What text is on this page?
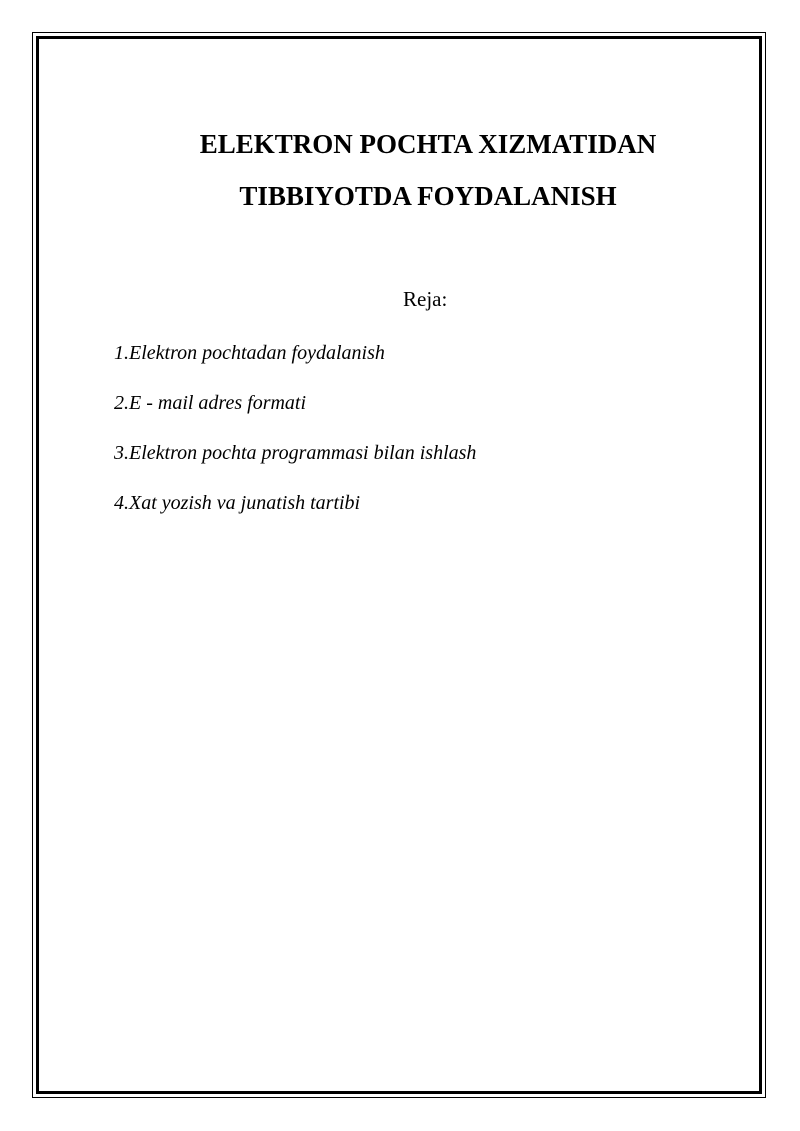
ELEKTRON POCHTA XIZMATIDAN
TIBBIYOTDA FOYDALANISH
Reja:
1.Elektron pochtadan foydalanish
2.E - mail adres formati
3.Elektron pochta programmasi bilan ishlash
4.Xat yozish va junatish tartibi
